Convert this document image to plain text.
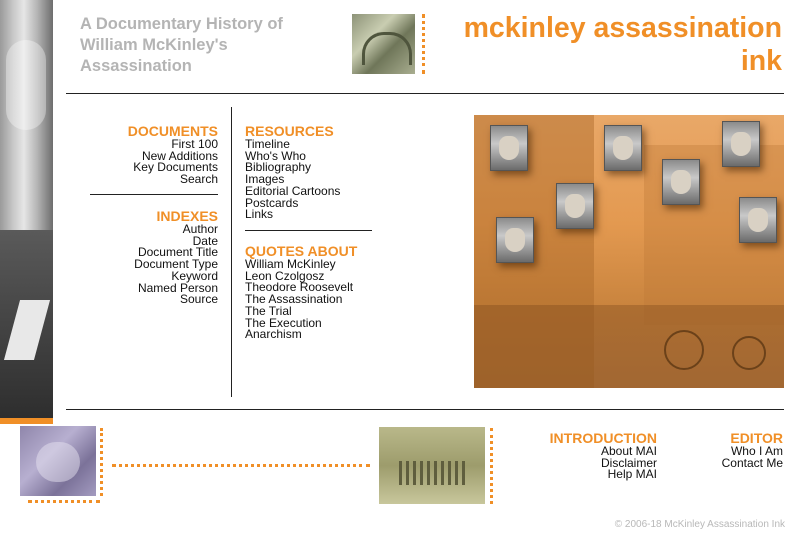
A Documentary History of William McKinley's Assassination
mckinley assassination ink
DOCUMENTS
First 100
New Additions
Key Documents
Search
INDEXES
Author
Date
Document Title
Document Type
Keyword
Named Person
Source
RESOURCES
Timeline
Who's Who
Bibliography
Images
Editorial Cartoons
Postcards
Links
QUOTES ABOUT
William McKinley
Leon Czolgosz
Theodore Roosevelt
The Assassination
The Trial
The Execution
Anarchism
INTRODUCTION
About MAI
Disclaimer
Help MAI
EDITOR
Who I Am
Contact Me
© 2006-18 McKinley Assassination Ink
